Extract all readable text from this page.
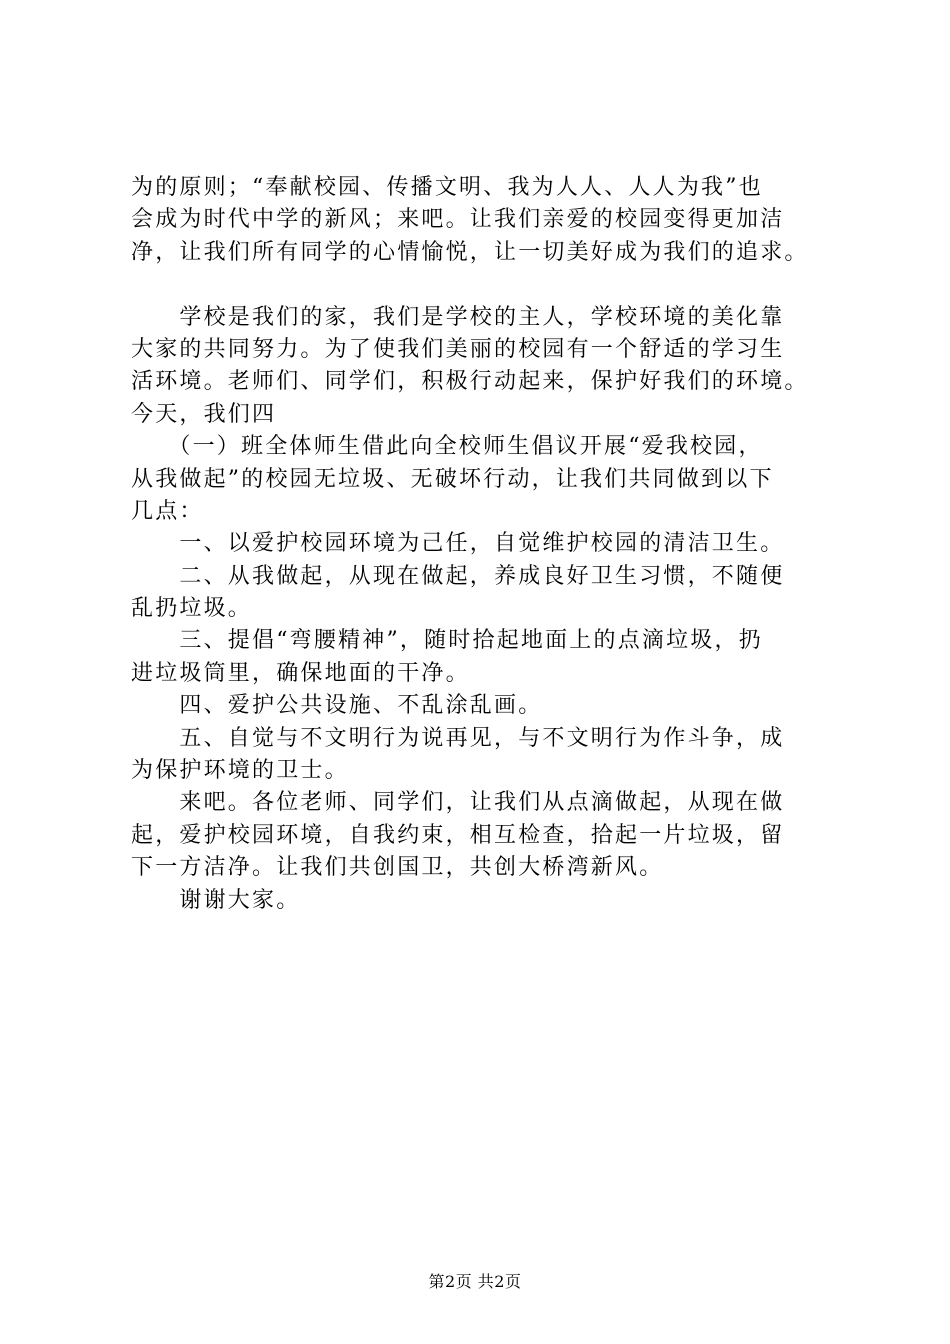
为的原则；“奉献校园、传播文明、我为人人、人人为我”也
会成为时代中学的新风；来吧。让我们亲爱的校园变得更加洁
净，让我们所有同学的心情愉悦，让一切美好成为我们的追求。
　　学校是我们的家，我们是学校的主人，学校环境的美化靠
大家的共同努力。为了使我们美丽的校园有一个舒适的学习生
活环境。老师们、同学们，积极行动起来，保护好我们的环境。
今天，我们四
　　（一）班全体师生借此向全校师生倡议开展“爱我校园，
从我做起”的校园无垃圾、无破坏行动，让我们共同做到以下
几点：
　　一、以爱护校园环境为己任，自觉维护校园的清洁卫生。
　　二、从我做起，从现在做起，养成良好卫生习惯，不随便
乱扔垃圾。
　　三、提倡“弯腰精神”，随时拾起地面上的点滴垃圾，扔
进垃圾筒里，确保地面的干净。
　　四、爱护公共设施、不乱涂乱画。
　　五、自觉与不文明行为说再见，与不文明行为作斗争，成
为保护环境的卫士。
　　来吧。各位老师、同学们，让我们从点滴做起，从现在做
起，爱护校园环境，自我约束，相互检查，拾起一片垃圾，留
下一方洁净。让我们共创国卫，共创大桥湾新风。
　　谢谢大家。
第2页 共2页
